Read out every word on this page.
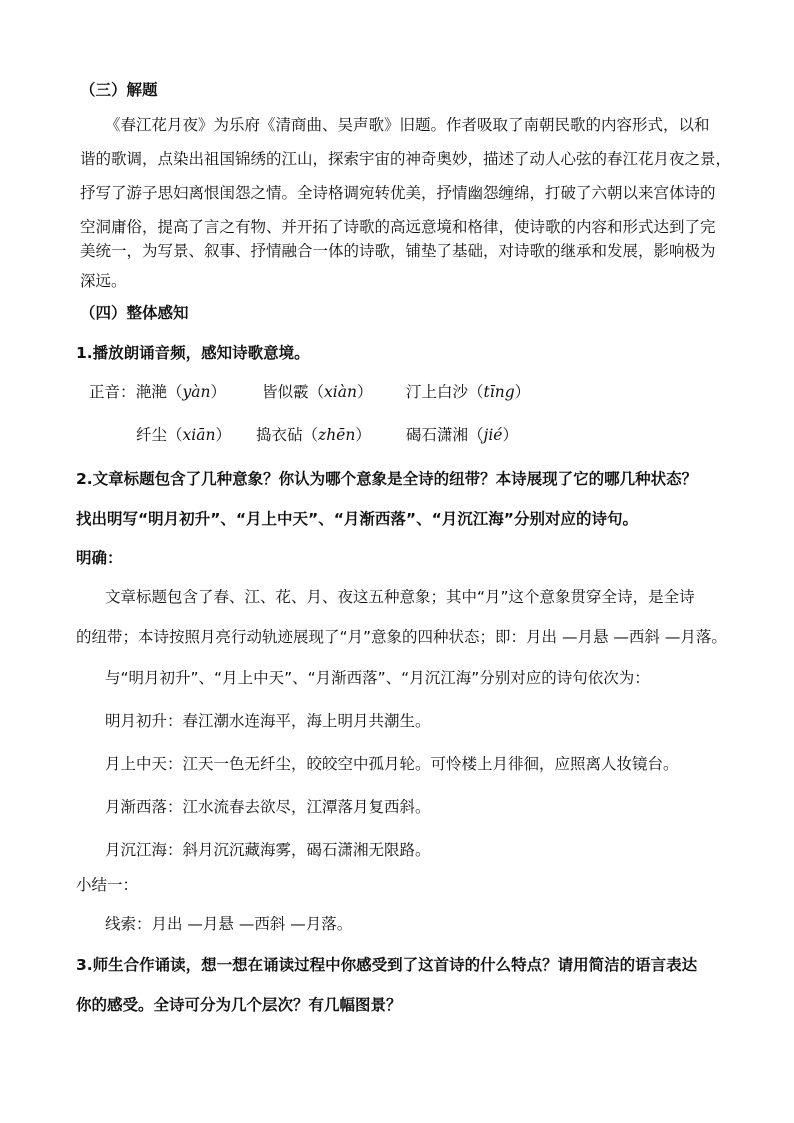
（三）解题
《春江花月夜》为乐府《清商曲、吴声歌》旧题。作者吸取了南朝民歌的内容形式，以和
谐的歌调，点染出祖国锦绣的江山，探索宇宙的神奇奥妙，描述了动人心弦的春江花月夜之景，
抒写了游子思妇离恨闺怨之情。全诗格调宛转优美，抒情幽怨缠绵，打破了六朝以来宫体诗的
空洞庸俗，提高了言之有物、并开拓了诗歌的高远意境和格律，使诗歌的内容和形式达到了完
美统一，为写景、叙事、抒情融合一体的诗歌，铺垫了基础，对诗歌的继承和发展，影响极为
深远。
（四）整体感知
1.播放朗诵音频，感知诗歌意境。
正音： 滟滟（yàn） 皆似霰（xiàn） 汀上白沙（tīng）
纤尘（xiān） 捣衣砧（zhēn） 碣石潇湘（jié）
2.文章标题包含了几种意象？你认为哪个意象是全诗的纽带？本诗展现了它的哪几种状态？
找出明写“明月初升”、“月上中天”、“月渐西落”、“月沉江海”分别对应的诗句。
明确：
文章标题包含了春、江、花、月、夜这五种意象；其中“月”这个意象贯穿全诗，是全诗
的纽带；本诗按照月亮行动轨迹展现了“月”意象的四种状态；即：月出 —月悬 —西斜 —月落。
与“明月初升”、“月上中天”、“月渐西落”、“月沉江海”分别对应的诗句依次为：
明月初升：春江潮水连海平，海上明月共潮生。
月上中天：江天一色无纤尘，皎皎空中孤月轮。可怜楼上月徘徊，应照离人妆镜台。
月渐西落：江水流春去欲尽，江潭落月复西斜。
月沉江海：斜月沉沉藏海雾，碣石潇湘无限路。
小结一：
线索：月出 —月悬 —西斜 —月落。
3.师生合作诵读，想一想在诵读过程中你感受到了这首诗的什么特点？请用简洁的语言表达
你的感受。全诗可分为几个层次？有几幅图景？
